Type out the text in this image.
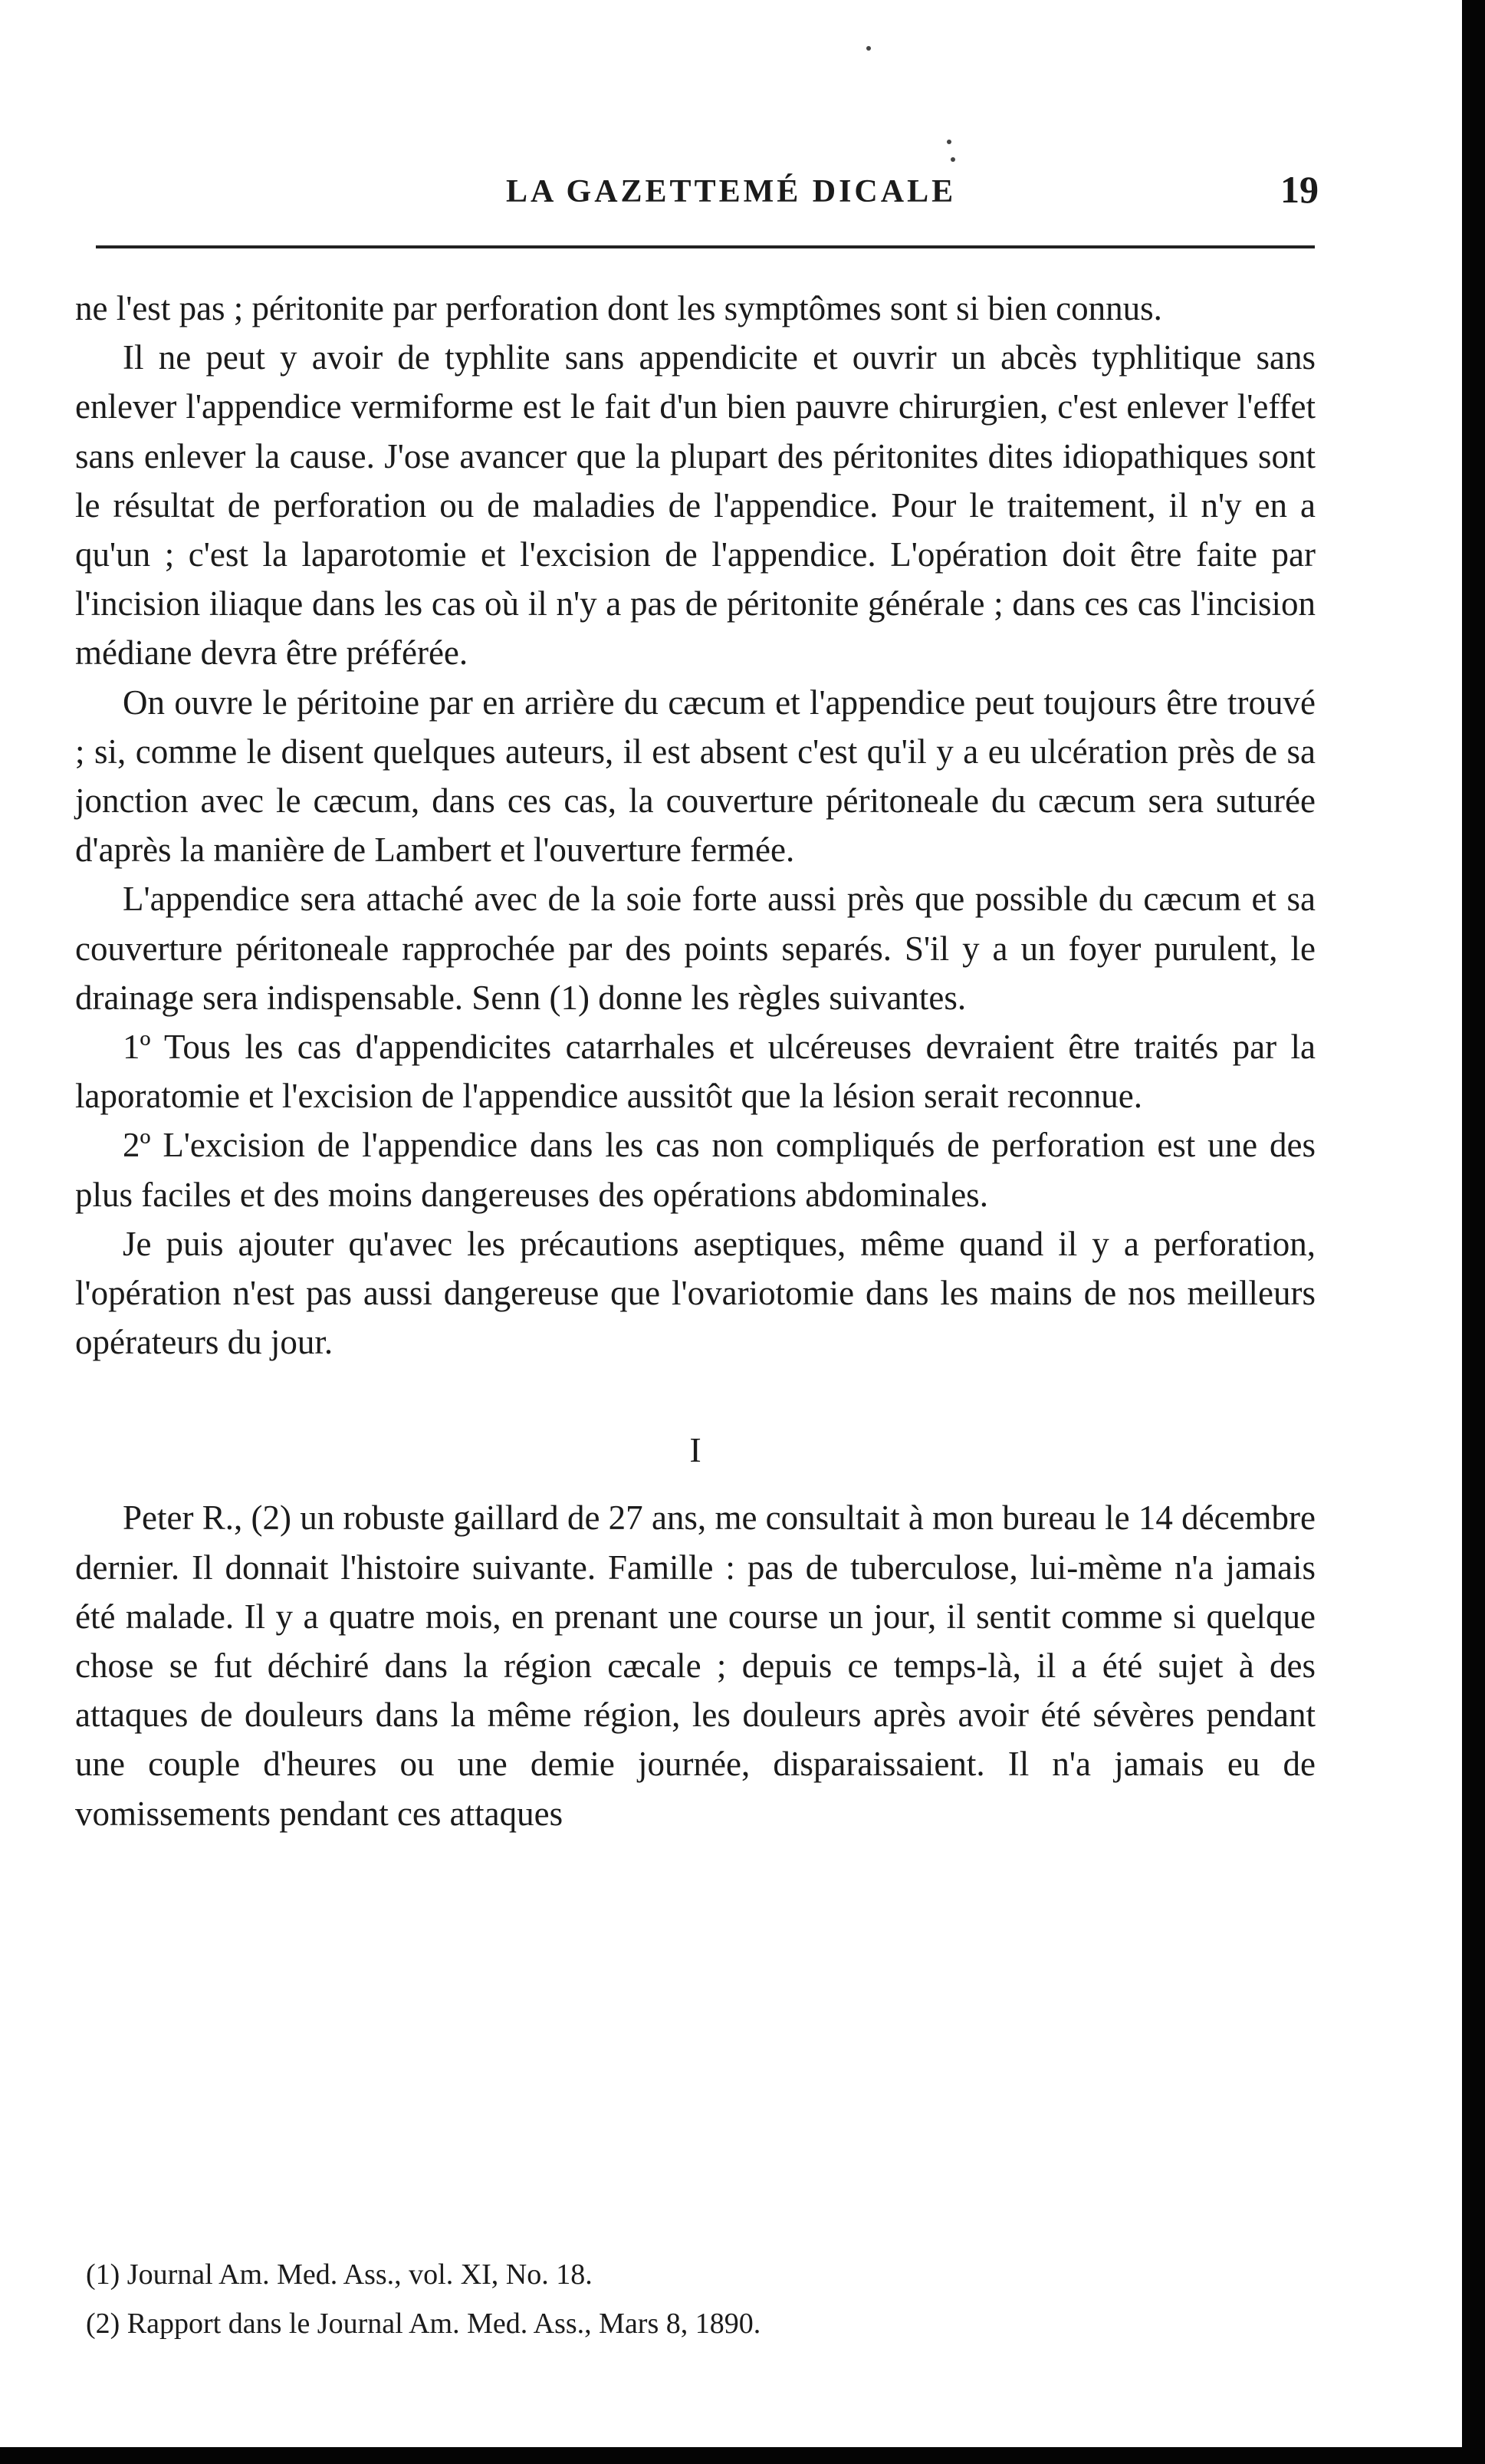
LA GAZETTEMÉ DICALE	19

ne l'est pas ; péritonite par perforation dont les symptômes sont si bien connus.

Il ne peut y avoir de typhlite sans appendicite et ouvrir un abcès typhlitique sans enlever l'appendice vermiforme est le fait d'un bien pauvre chirurgien, c'est enlever l'effet sans enlever la cause. J'ose avancer que la plupart des péritonites dites idiopathiques sont le résultat de perforation ou de maladies de l'appendice. Pour le traitement, il n'y en a qu'un ; c'est la laparotomie et l'excision de l'appendice. L'opération doit être faite par l'incision iliaque dans les cas où il n'y a pas de péritonite générale ; dans ces cas l'incision médiane devra être préférée.

On ouvre le péritoine par en arrière du cæcum et l'appendice peut toujours être trouvé ; si, comme le disent quelques auteurs, il est absent c'est qu'il y a eu ulcération près de sa jonction avec le cæcum, dans ces cas, la couverture péritoneale du cæcum sera suturée d'après la manière de Lambert et l'ouverture fermée.

L'appendice sera attaché avec de la soie forte aussi près que possible du cæcum et sa couverture péritoneale rapprochée par des points separés. S'il y a un foyer purulent, le drainage sera indispensable. Senn (1) donne les règles suivantes.

1º Tous les cas d'appendicites catarrhales et ulcéreuses devraient être traités par la laporatomie et l'excision de l'appendice aussitôt que la lésion serait reconnue.

2º L'excision de l'appendice dans les cas non compliqués de perforation est une des plus faciles et des moins dangereuses des opérations abdominales.

Je puis ajouter qu'avec les précautions aseptiques, même quand il y a perforation, l'opération n'est pas aussi dangereuse que l'ovariotomie dans les mains de nos meilleurs opérateurs du jour.

I

Peter R., (2) un robuste gaillard de 27 ans, me consultait à mon bureau le 14 décembre dernier. Il donnait l'histoire suivante. Famille : pas de tuberculose, lui-mème n'a jamais été malade. Il y a quatre mois, en prenant une course un jour, il sentit comme si quelque chose se fut déchiré dans la région cæcale ; depuis ce temps-là, il a été sujet à des attaques de douleurs dans la même région, les douleurs après avoir été sévères pendant une couple d'heures ou une demie journée, disparaissaient. Il n'a jamais eu de vomissements pendant ces attaques

(1) Journal Am. Med. Ass., vol. XI, No. 18.

(2) Rapport dans le Journal Am. Med. Ass., Mars 8, 1890.
